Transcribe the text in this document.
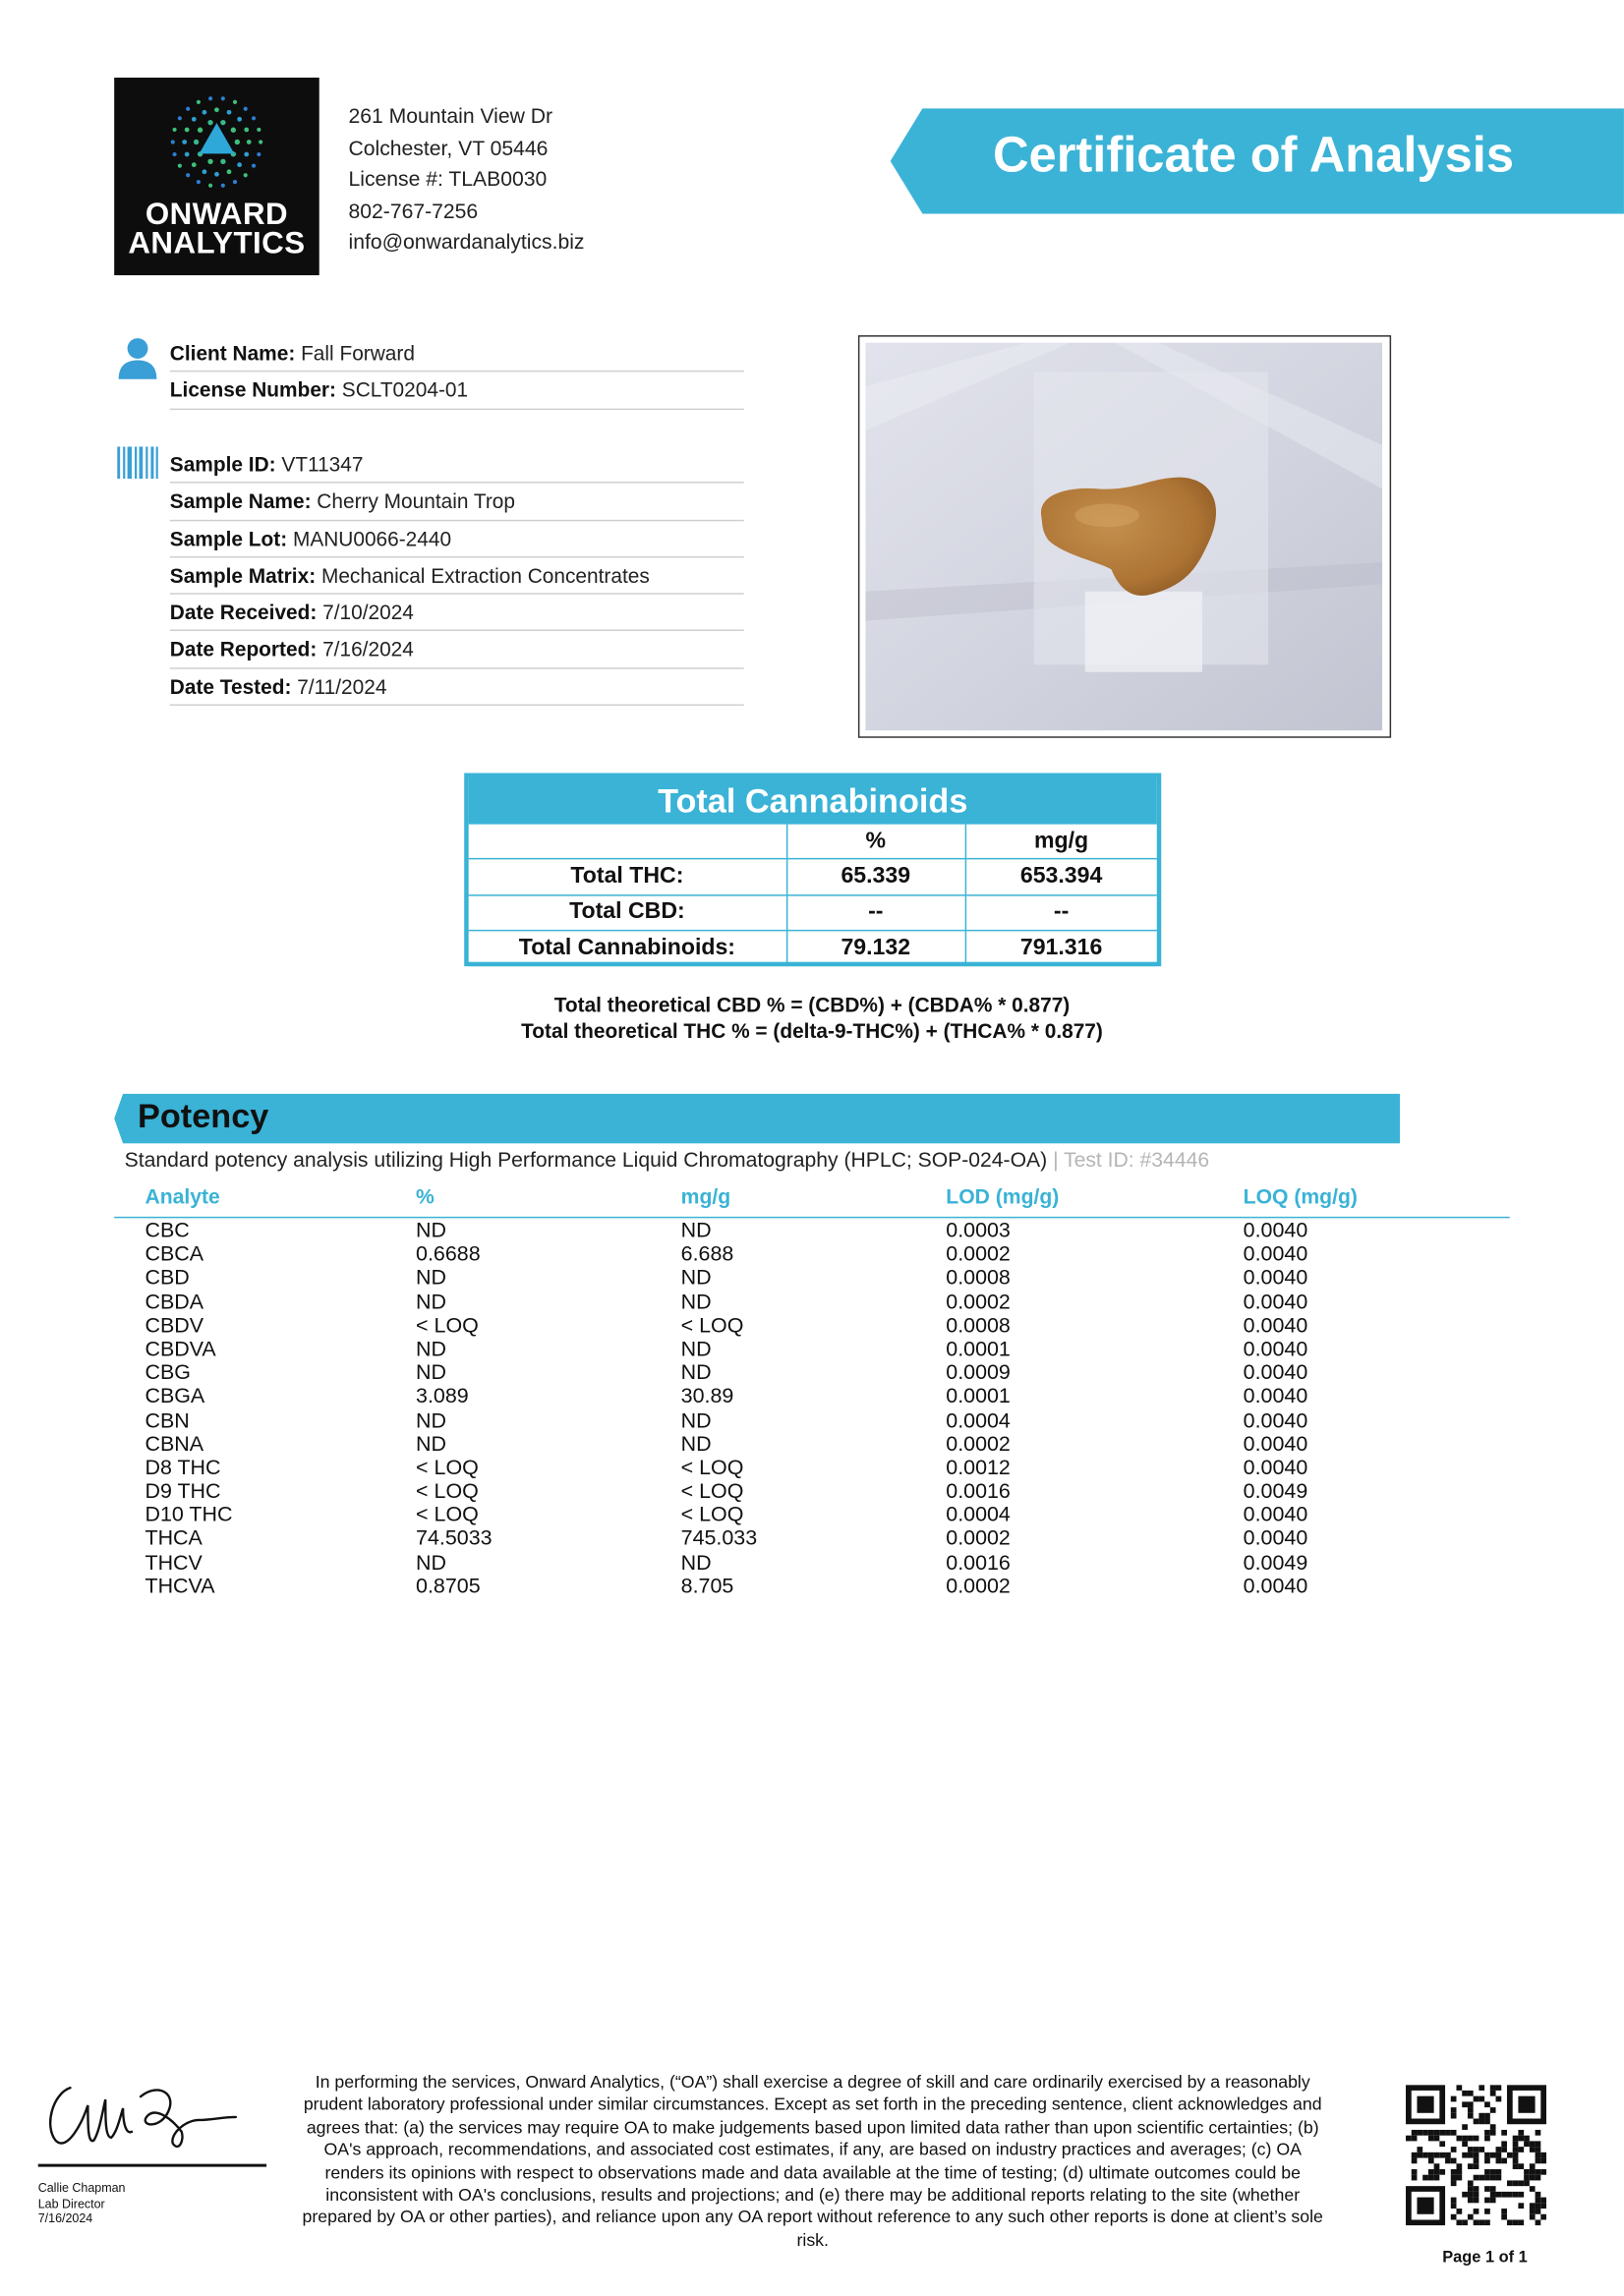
ONWARD
ANALYTICS
261 Mountain View Dr
Colchester, VT 05446
License #: TLAB0030
802-767-7256
info@onwardanalytics.biz
Certificate of Analysis
Client Name: Fall Forward
License Number: SCLT0204-01
Sample ID: VT11347
Sample Name: Cherry Mountain Trop
Sample Lot: MANU0066-2440
Sample Matrix: Mechanical Extraction Concentrates
Date Received: 7/10/2024
Date Reported: 7/16/2024
Date Tested: 7/11/2024
Total Cannabinoids
	%	mg/g
Total THC:	65.339	653.394
Total CBD:	--	--
Total Cannabinoids:	79.132	791.316
Total theoretical CBD % = (CBD%) + (CBDA% * 0.877)
Total theoretical THC % = (delta-9-THC%) + (THCA% * 0.877)
Potency
Standard potency analysis utilizing High Performance Liquid Chromatography (HPLC; SOP-024-OA) | Test ID: #34446
Analyte	%	mg/g	LOD (mg/g)	LOQ (mg/g)
CBC	ND	ND	0.0003	0.0040
CBCA	0.6688	6.688	0.0002	0.0040
CBD	ND	ND	0.0008	0.0040
CBDA	ND	ND	0.0002	0.0040
CBDV	< LOQ	< LOQ	0.0008	0.0040
CBDVA	ND	ND	0.0001	0.0040
CBG	ND	ND	0.0009	0.0040
CBGA	3.089	30.89	0.0001	0.0040
CBN	ND	ND	0.0004	0.0040
CBNA	ND	ND	0.0002	0.0040
D8 THC	< LOQ	< LOQ	0.0012	0.0040
D9 THC	< LOQ	< LOQ	0.0016	0.0049
D10 THC	< LOQ	< LOQ	0.0004	0.0040
THCA	74.5033	745.033	0.0002	0.0040
THCV	ND	ND	0.0016	0.0049
THCVA	0.8705	8.705	0.0002	0.0040
Callie Chapman
Lab Director
7/16/2024
In performing the services, Onward Analytics, (“OA”) shall exercise a degree of skill and care ordinarily exercised by a reasonably prudent laboratory professional under similar circumstances. Except as set forth in the preceding sentence, client acknowledges and agrees that: (a) the services may require OA to make judgements based upon limited data rather than upon scientific certainties; (b) OA's approach, recommendations, and associated cost estimates, if any, are based on industry practices and averages; (c) OA renders its opinions with respect to observations made and data available at the time of testing; (d) ultimate outcomes could be inconsistent with OA's conclusions, results and projections; and (e) there may be additional reports relating to the site (whether prepared by OA or other parties), and reliance upon any OA report without reference to any such other reports is done at client’s sole risk.
Page 1 of 1
